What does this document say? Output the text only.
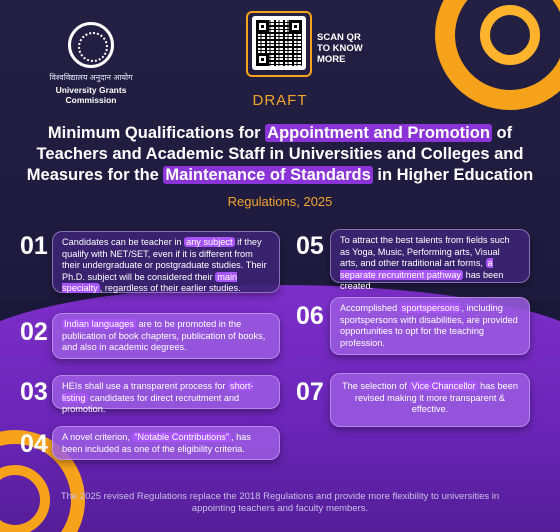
विश्वविद्यालय अनुदान आयोग
University Grants Commission
SCAN QR
TO KNOW
MORE
DRAFT
Minimum Qualifications for Appointment and Promotion of Teachers and Academic Staff in Universities and Colleges and Measures for the Maintenance of Standards in Higher Education
Regulations, 2025
01	Candidates can be teacher in any subject if they qualify with NET/SET, even if it is different from their undergraduate or postgraduate studies. Their Ph.D. subject will be considered their main specialty , regardless of their earlier studies.
02	Indian languages are to be promoted in the publication of book chapters, publication of books, and also in academic degrees.
03	HEIs shall use a transparent process for short-listing candidates for direct recruitment and promotion.
04	A novel criterion, “Notable Contributions” , has been included as one of the eligibility criteria.
05	To attract the best talents from fields such as Yoga, Music, Performing arts, Visual arts, and other traditional art forms, a separate recruitment pathway has been created.
06	Accomplished sportspersons , including sportspersons with disabilities, are provided opportunities to opt for the teaching profession.
07	The selection of Vice Chancellor has been revised making it more transparent & effective.
The 2025 revised Regulations replace the 2018 Regulations and provide more flexibility to universities in appointing teachers and faculty members.
